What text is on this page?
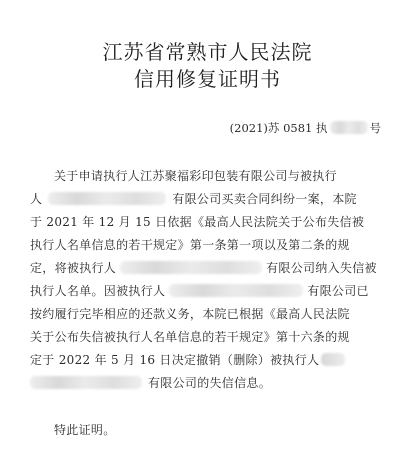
江苏省常熟市人民法院
信用修复证明书
(2021)苏 0581 执	号
关于申请执行人江苏聚福彩印包装有限公司与被执行
人	有限公司买卖合同纠纷一案，本院
于 2021 年 12 月 15 日依据《最高人民法院关于公布失信被
执行人名单信息的若干规定》第一条第一项以及第二条的规
定，将被执行人	有限公司纳入失信被
执行人名单。因被执行人	有限公司已
按约履行完毕相应的还款义务，本院已根据《最高人民法院
关于公布失信被执行人名单信息的若干规定》第十六条的规
定于 2022 年 5 月 16 日决定撤销（删除）被执行人
有限公司的失信信息。
特此证明。
